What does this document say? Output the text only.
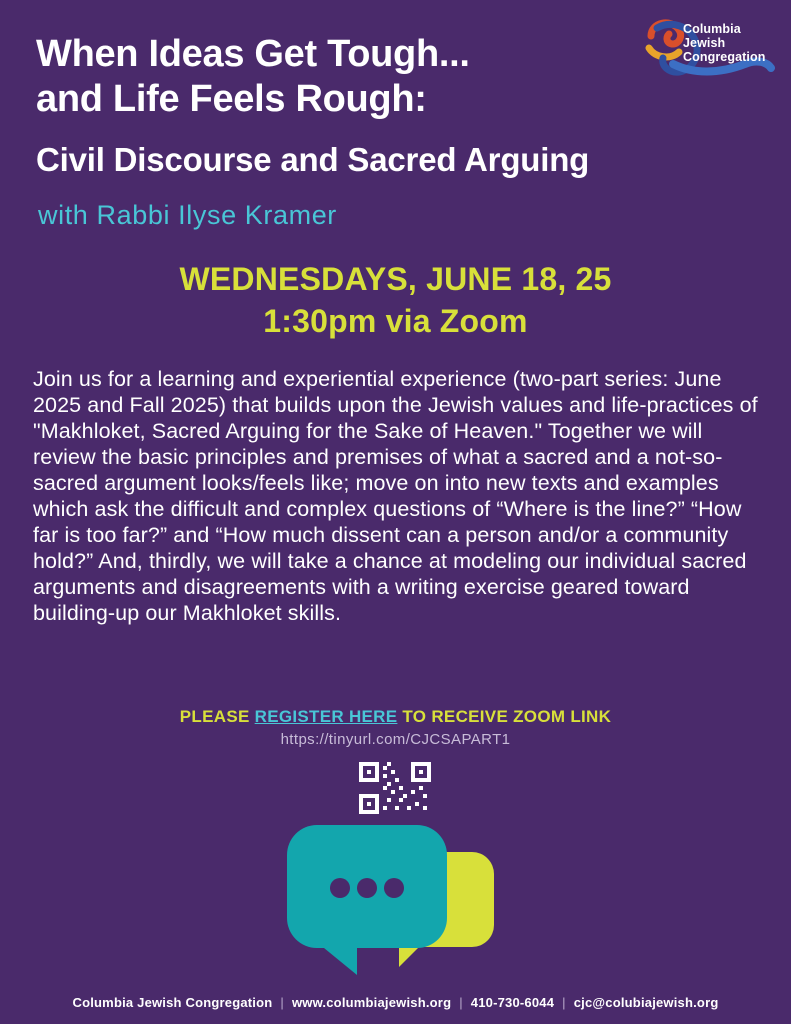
Columbia
Jewish
Congregation
When Ideas Get Tough...
and Life Feels Rough:
Civil Discourse and Sacred Arguing
with Rabbi Ilyse Kramer
WEDNESDAYS, JUNE 18, 25
1:30pm via Zoom
Join us for a learning and experiential experience (two-part series: June 2025 and Fall 2025) that builds upon the Jewish values and life-practices of "Makhloket, Sacred Arguing for the Sake of Heaven." Together we will review the basic principles and premises of what a sacred and a not-so-sacred argument looks/feels like; move on into new texts and examples which ask the difficult and complex questions of “Where is the line?” “How far is too far?” and “How much dissent can a person and/or a community hold?” And, thirdly, we will take a chance at modeling our individual sacred arguments and disagreements with a writing exercise geared toward building-up our Makhloket skills.
PLEASE REGISTER HERE TO RECEIVE ZOOM LINK
https://tinyurl.com/CJCSAPART1
Columbia Jewish Congregation | www.columbiajewish.org | 410-730-6044 | cjc@colubiajewish.org
